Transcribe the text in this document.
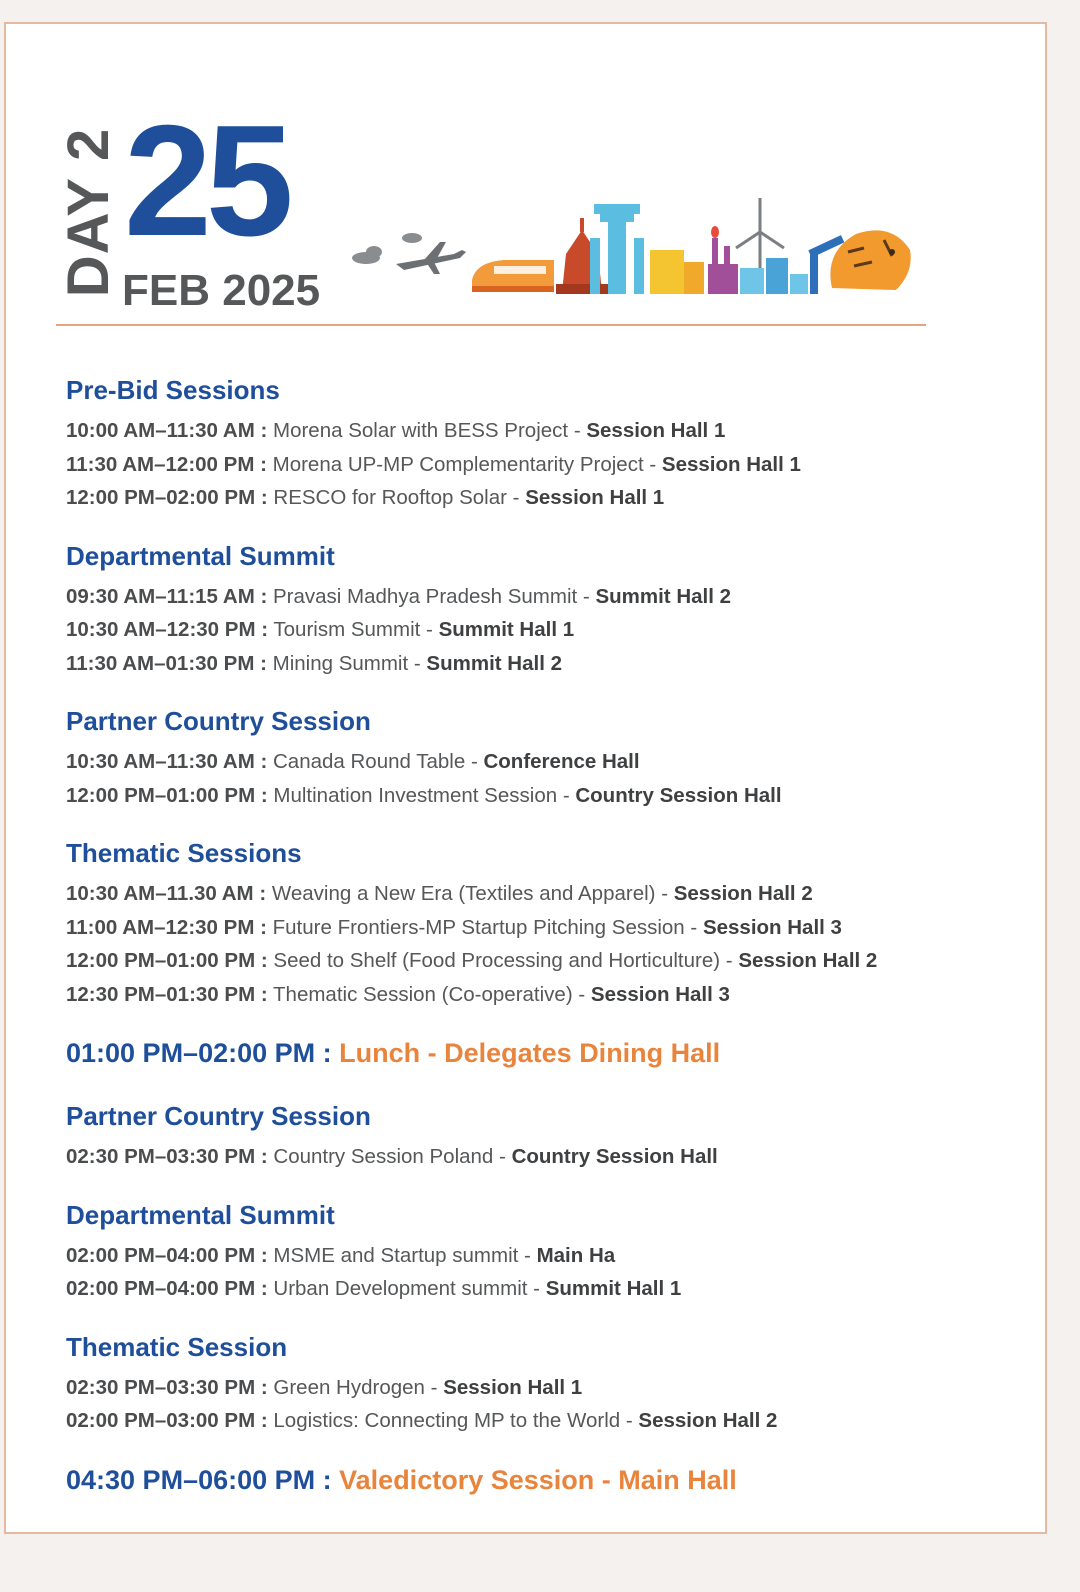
DAY 2 25
FEB 2025
Pre-Bid Sessions
10:00 AM–11:30 AM : Morena Solar with BESS Project - Session Hall 1
11:30 AM–12:00 PM : Morena UP-MP Complementarity Project - Session Hall 1
12:00 PM–02:00 PM : RESCO for Rooftop Solar - Session Hall 1
Departmental Summit
09:30 AM–11:15 AM : Pravasi Madhya Pradesh Summit - Summit Hall 2
10:30 AM–12:30 PM : Tourism Summit - Summit Hall 1
11:30 AM–01:30 PM : Mining Summit - Summit Hall 2
Partner Country Session
10:30 AM–11:30 AM : Canada Round Table - Conference Hall
12:00 PM–01:00 PM : Multination Investment Session - Country Session Hall
Thematic Sessions
10:30 AM–11.30 AM : Weaving a New Era (Textiles and Apparel) - Session Hall 2
11:00 AM–12:30 PM : Future Frontiers-MP Startup Pitching Session - Session Hall 3
12:00 PM–01:00 PM : Seed to Shelf (Food Processing and Horticulture) - Session Hall 2
12:30 PM–01:30 PM : Thematic Session (Co-operative) - Session Hall 3
01:00 PM–02:00 PM : Lunch - Delegates Dining Hall
Partner Country Session
02:30 PM–03:30 PM : Country Session Poland - Country Session Hall
Departmental Summit
02:00 PM–04:00 PM : MSME and Startup summit - Main Ha
02:00 PM–04:00 PM : Urban Development summit - Summit Hall 1
Thematic Session
02:30 PM–03:30 PM : Green Hydrogen - Session Hall 1
02:00 PM–03:00 PM : Logistics: Connecting MP to the World - Session Hall 2
04:30 PM–06:00 PM : Valedictory Session - Main Hall
